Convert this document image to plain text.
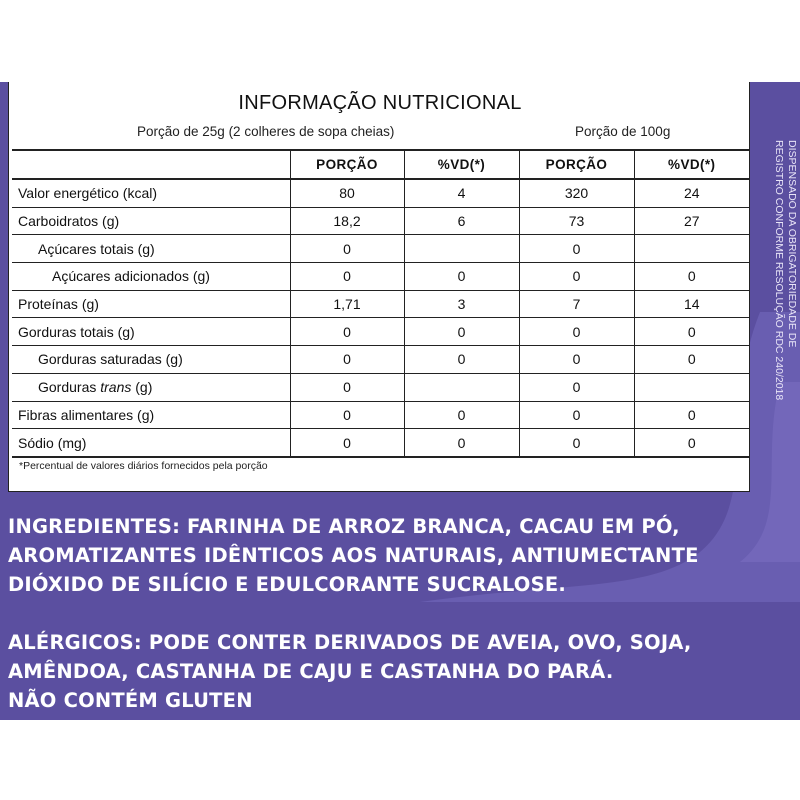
INFORMAÇÃO NUTRICIONAL
Porção de 25g (2 colheres de sopa cheias)	Porção de 100g
	PORÇÃO	%VD(*)	PORÇÃO	%VD(*)
Valor energético (kcal)	80	4	320	24
Carboidratos (g)	18,2	6	73	27
Açúcares totais (g)	0		0	
Açúcares adicionados (g)	0	0	0	0
Proteínas (g)	1,71	3	7	14
Gorduras totais (g)	0	0	0	0
Gorduras saturadas (g)	0	0	0	0
Gorduras trans (g)	0		0	
Fibras alimentares (g)	0	0	0	0
Sódio (mg)	0	0	0	0
*Percentual de valores diários fornecidos pela porção
DISPENSADO DA OBRIGATORIEDADE DE
REGISTRO CONFORME RESOLUÇÃO RDC 240/2018
INGREDIENTES: FARINHA DE ARROZ BRANCA, CACAU EM PÓ,
AROMATIZANTES IDÊNTICOS AOS NATURAIS, ANTIUMECTANTE
DIÓXIDO DE SILÍCIO E EDULCORANTE SUCRALOSE.
ALÉRGICOS: PODE CONTER DERIVADOS DE AVEIA, OVO, SOJA,
AMÊNDOA, CASTANHA DE CAJU E CASTANHA DO PARÁ.
NÃO CONTÉM GLUTEN
